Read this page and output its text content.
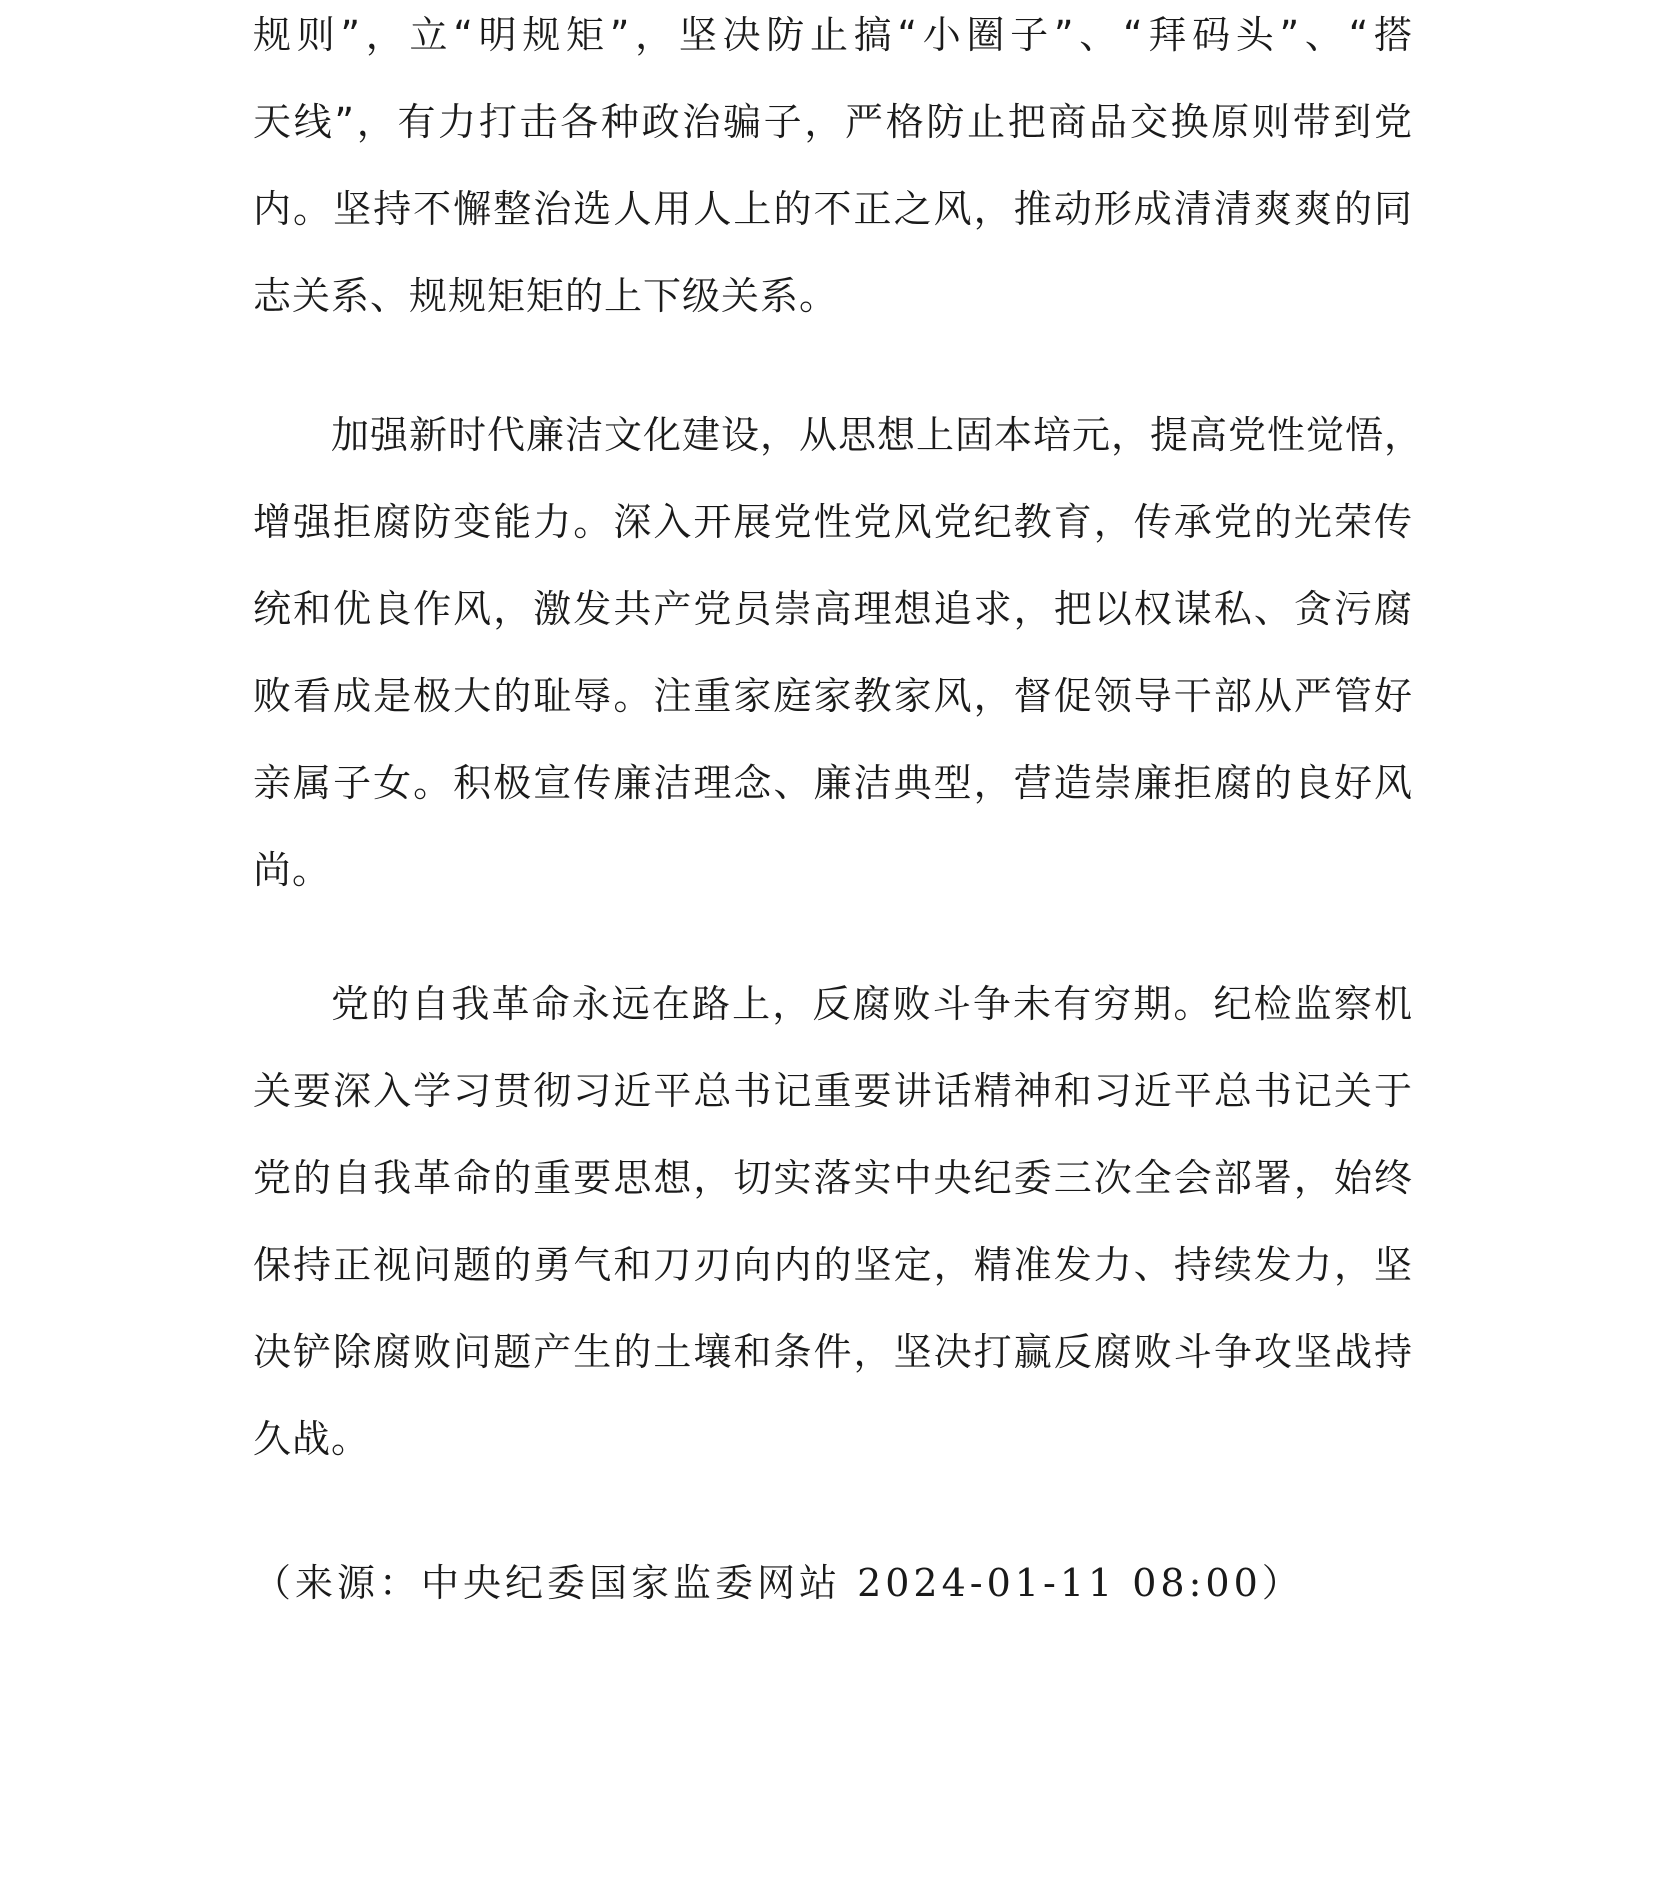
规则”，立“明规矩”，坚决防止搞“小圈子”、“拜码头”、“搭
天线”，有力打击各种政治骗子，严格防止把商品交换原则带到党
内。坚持不懈整治选人用人上的不正之风，推动形成清清爽爽的同
志关系、规规矩矩的上下级关系。
加强新时代廉洁文化建设，从思想上固本培元，提高党性觉悟，
增强拒腐防变能力。深入开展党性党风党纪教育，传承党的光荣传
统和优良作风，激发共产党员崇高理想追求，把以权谋私、贪污腐
败看成是极大的耻辱。注重家庭家教家风，督促领导干部从严管好
亲属子女。积极宣传廉洁理念、廉洁典型，营造崇廉拒腐的良好风
尚。
党的自我革命永远在路上，反腐败斗争未有穷期。纪检监察机
关要深入学习贯彻习近平总书记重要讲话精神和习近平总书记关于
党的自我革命的重要思想，切实落实中央纪委三次全会部署，始终
保持正视问题的勇气和刀刃向内的坚定，精准发力、持续发力，坚
决铲除腐败问题产生的土壤和条件，坚决打赢反腐败斗争攻坚战持
久战。
（来源：中央纪委国家监委网站 2024-01-11 08:00）
